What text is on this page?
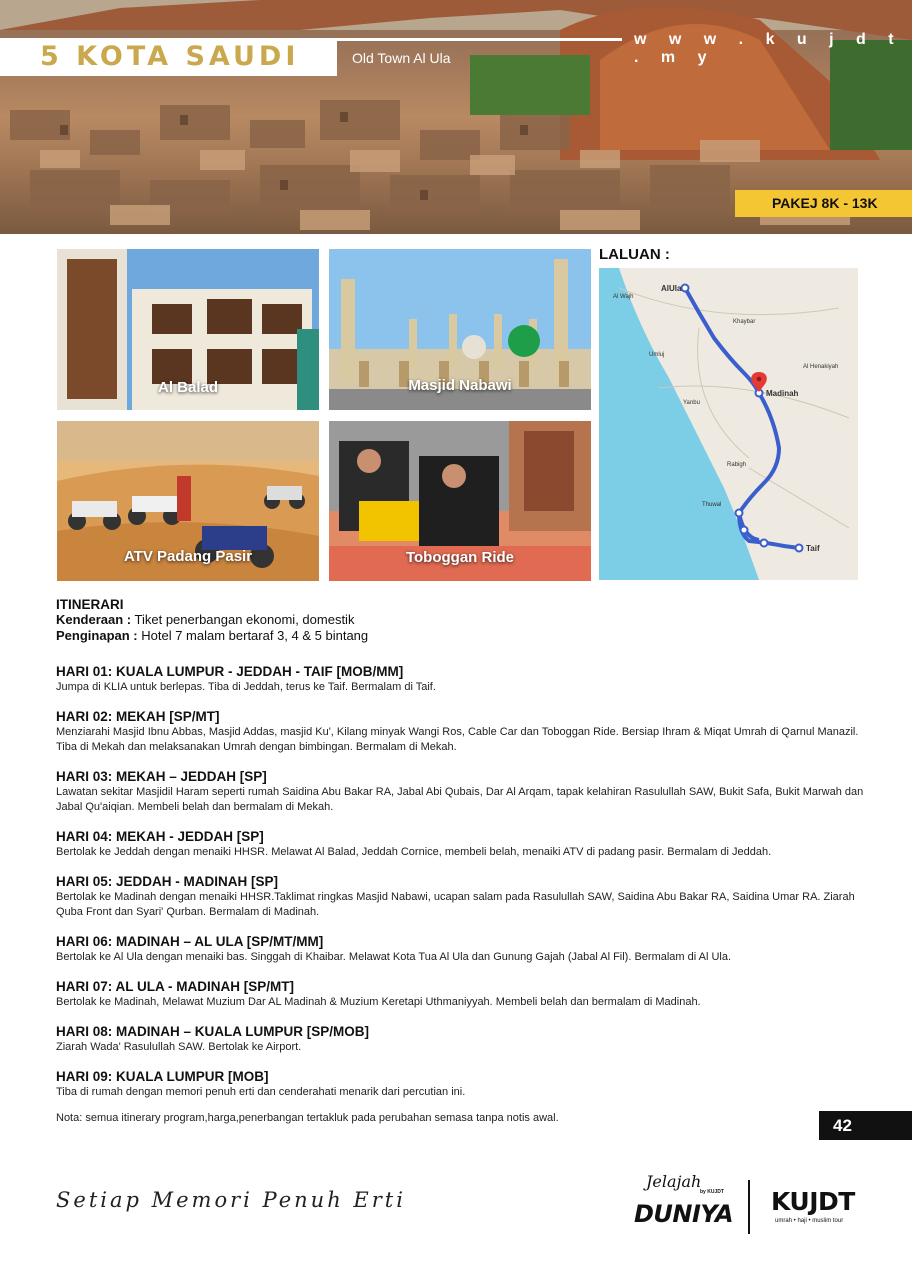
5 KOTA SAUDI
w w w . k u j d t . m y
Old Town Al Ula
PAKEJ 8K - 13K
Al Balad	Masjid Nabawi
ATV Padang Pasir	Toboggan Ride
LALUAN :
AlUla
Al Wajh
Khaybar
Umluj
Madinah
Al Henakiyah
Yanbu
Rabigh
Thuwal
Taif
ITINERARI
Kenderaan : Tiket penerbangan ekonomi, domestik
Penginapan : Hotel 7 malam bertaraf 3, 4 & 5 bintang
HARI 01: KUALA LUMPUR - JEDDAH - TAIF [MOB/MM]
Jumpa di KLIA untuk berlepas. Tiba di Jeddah, terus ke Taif. Bermalam di Taif.
HARI 02: MEKAH [SP/MT]
Menziarahi Masjid Ibnu Abbas, Masjid Addas, masjid Ku', Kilang minyak Wangi Ros, Cable Car dan Toboggan Ride. Bersiap Ihram & Miqat Umrah di Qarnul Manazil. Tiba di Mekah dan melaksanakan Umrah dengan bimbingan. Bermalam di Mekah.
HARI 03: MEKAH – JEDDAH [SP]
Lawatan sekitar Masjidil Haram seperti rumah Saidina Abu Bakar RA, Jabal Abi Qubais, Dar Al Arqam, tapak kelahiran Rasulullah SAW, Bukit Safa, Bukit Marwah dan Jabal Qu'aiqian. Membeli belah dan bermalam di Mekah.
HARI 04: MEKAH - JEDDAH [SP]
Bertolak ke Jeddah dengan menaiki HHSR. Melawat Al Balad, Jeddah Cornice, membeli belah, menaiki ATV di padang pasir. Bermalam di Jeddah.
HARI 05: JEDDAH - MADINAH [SP]
Bertolak ke Madinah dengan menaiki HHSR.Taklimat ringkas Masjid Nabawi, ucapan salam pada Rasulullah SAW, Saidina Abu Bakar RA, Saidina Umar RA. Ziarah Quba Front dan Syari' Qurban. Bermalam di Madinah.
HARI 06: MADINAH – AL ULA [SP/MT/MM]
Bertolak ke Al Ula dengan menaiki bas. Singgah di Khaibar. Melawat Kota Tua Al Ula dan Gunung Gajah (Jabal Al Fil). Bermalam di Al Ula.
HARI 07: AL ULA - MADINAH [SP/MT]
Bertolak ke Madinah, Melawat Muzium Dar AL Madinah & Muzium Keretapi Uthmaniyyah. Membeli belah dan bermalam di Madinah.
HARI 08: MADINAH – KUALA LUMPUR [SP/MOB]
Ziarah Wada' Rasulullah SAW. Bertolak ke Airport.
HARI 09: KUALA LUMPUR [MOB]
Tiba di rumah dengan memori penuh erti dan cenderahati menarik dari percutian ini.
Nota: semua itinerary program,harga,penerbangan tertakluk pada perubahan semasa tanpa notis awal.	42
Setiap Memori Penuh Erti
Jelajah
by KUJDT
DUNIYA KUJDT
umrah • haji • muslim tour
